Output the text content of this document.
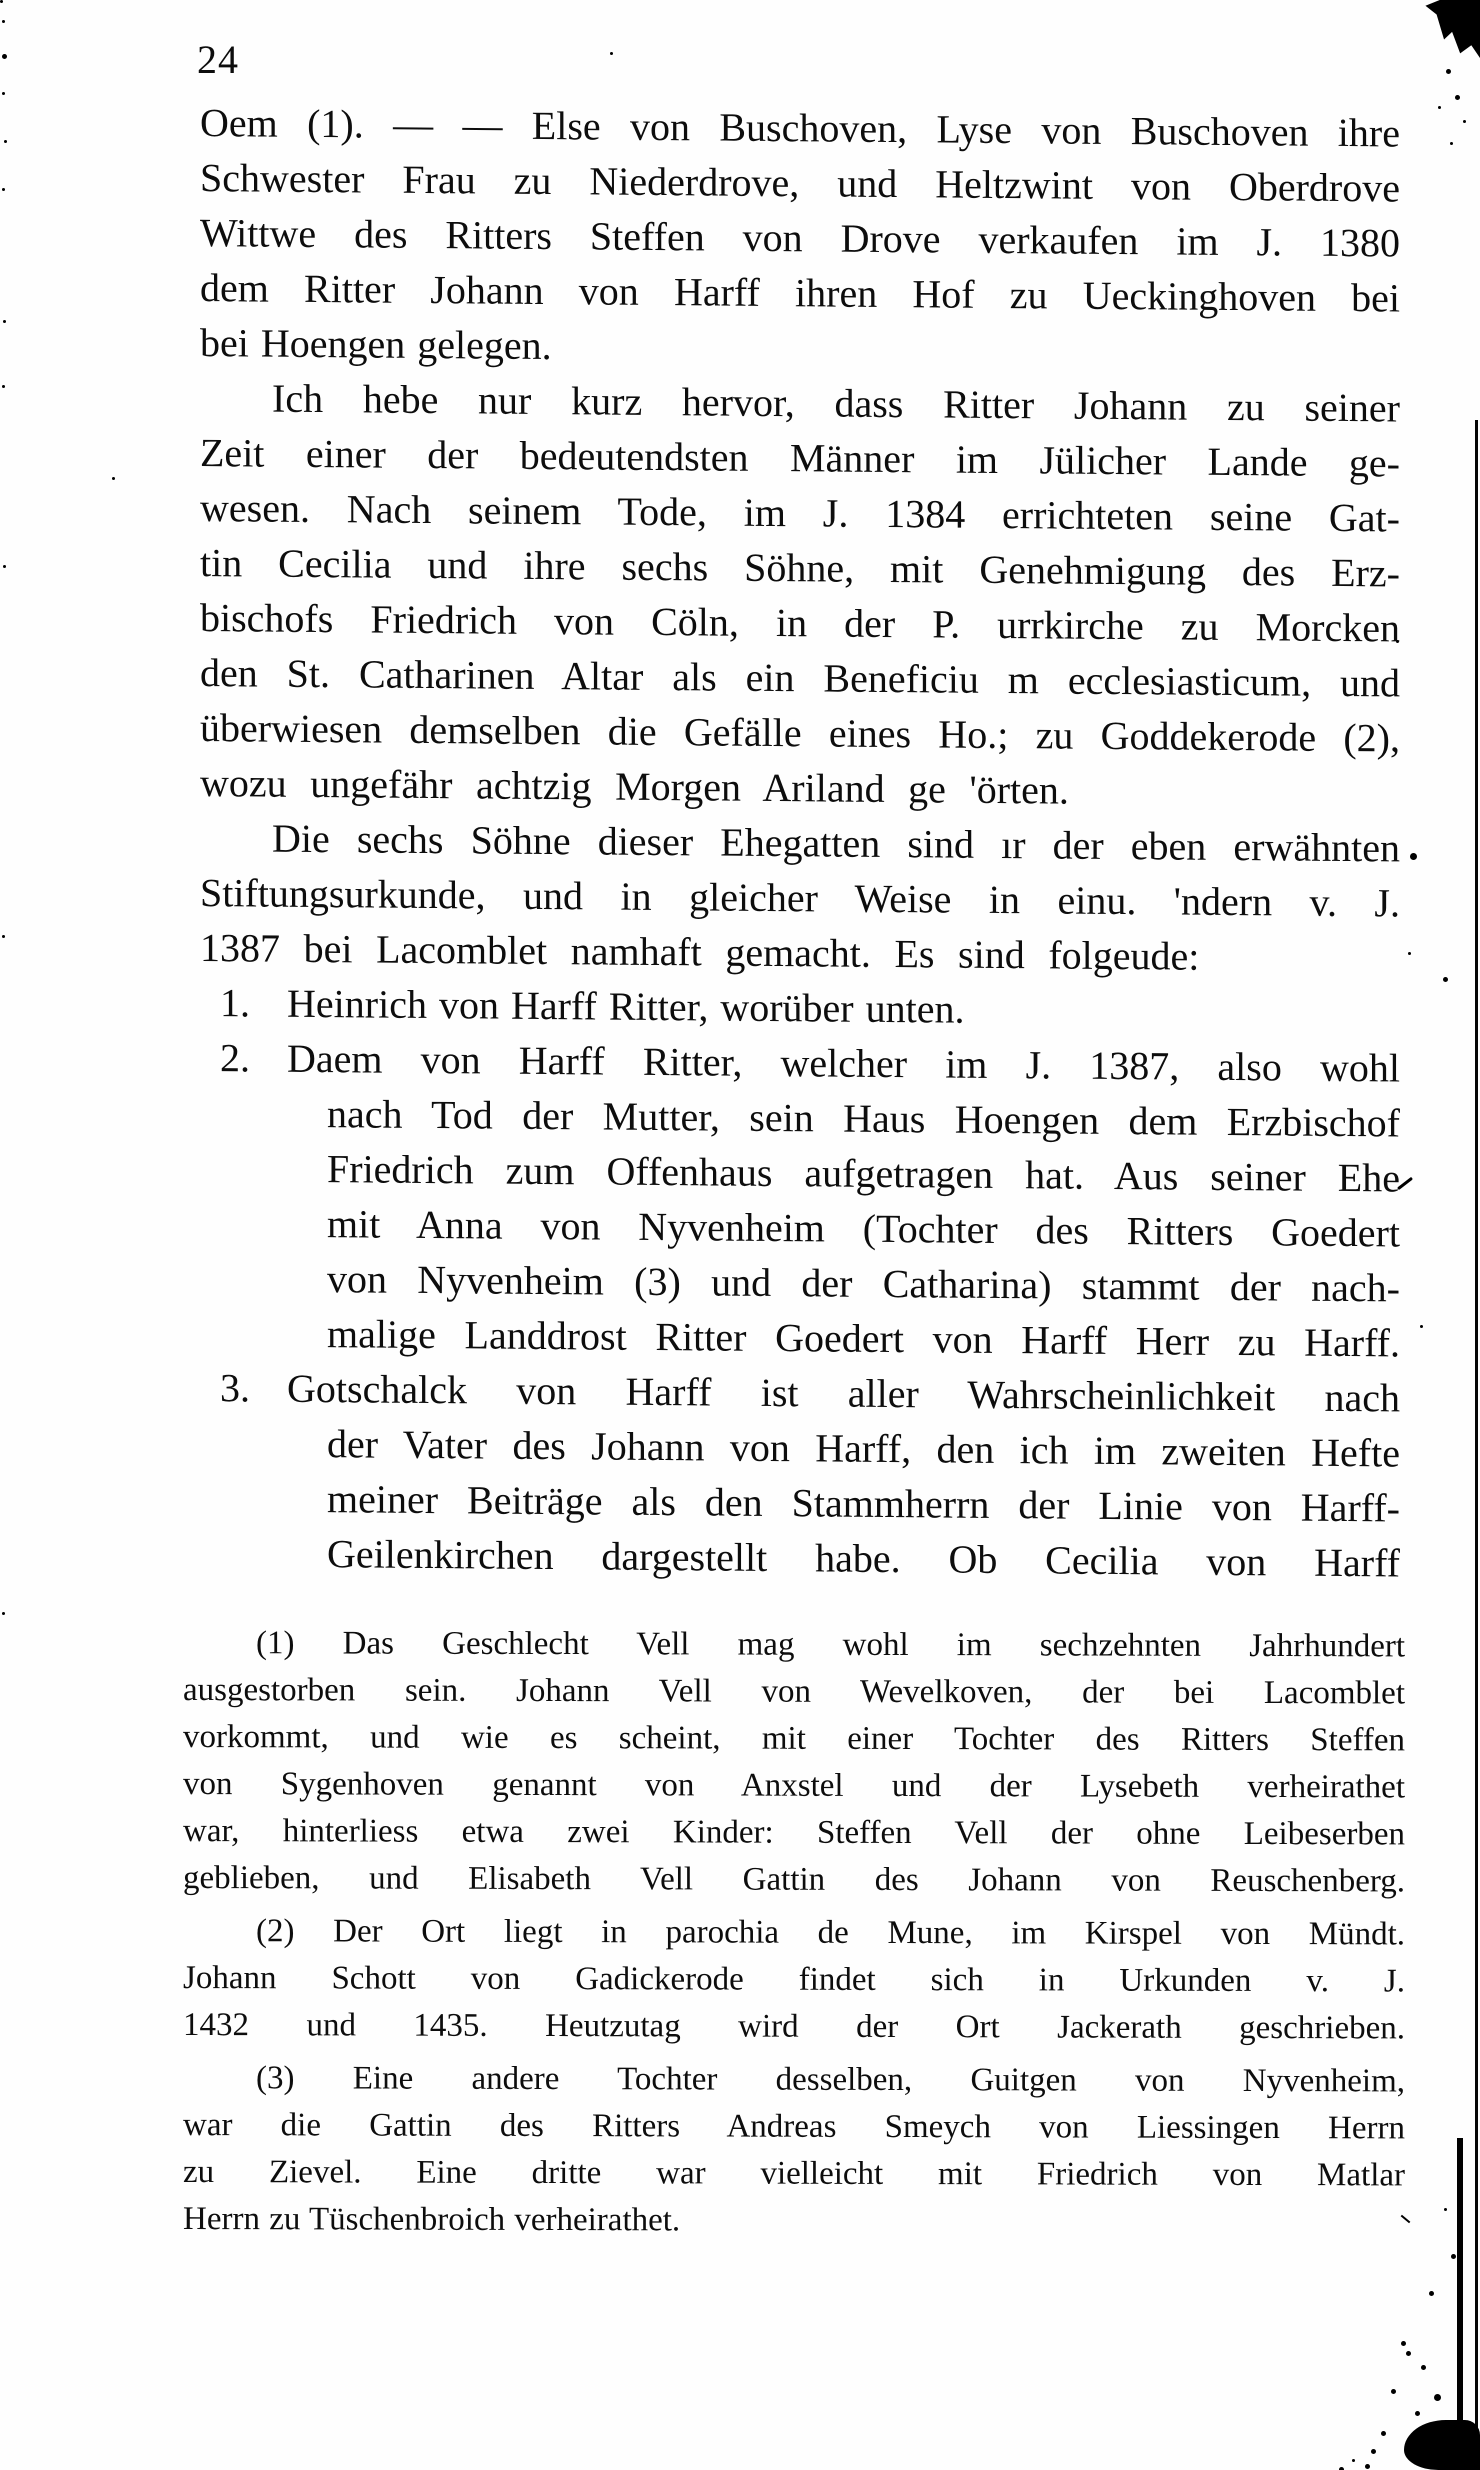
24
Oem (1). — — Else von Buschoven, Lyse von Buschoven ihre
Schwester Frau zu Niederdrove, und Heltzwint von Oberdrove
Wittwe des Ritters Steffen von Drove verkaufen im J. 1380
dem Ritter Johann von Harff ihren Hof zu Ueckinghoven bei
bei Hoengen gelegen.
Ich hebe nur kurz hervor, dass Ritter Johann zu seiner
Zeit einer der bedeutendsten Männer im Jülicher Lande ge-
wesen. Nach seinem Tode, im J. 1384 errichteten seine Gat-
tin Cecilia und ihre sechs Söhne, mit Genehmigung des Erz-
bischofs Friedrich von Cöln, in der P. urrkirche zu Morcken
den St. Catharinen Altar als ein Beneficiu m ecclesiasticum, und
überwiesen demselben die Gefälle eines Ho.; zu Goddekerode (2),
wozu ungefähr achtzig Morgen Ariland ge 'örten.
Die sechs Söhne dieser Ehegatten sind ır der eben erwähnten
Stiftungsurkunde, und in gleicher Weise in einu. 'ndern v. J.
1387 bei Lacomblet namhaft gemacht. Es sind folgeude:
1. Heinrich von Harff Ritter, worüber unten.
2. Daem von Harff Ritter, welcher im J. 1387, also wohl
nach Tod der Mutter, sein Haus Hoengen dem Erzbischof
Friedrich zum Offenhaus aufgetragen hat. Aus seiner Ehe
mit Anna von Nyvenheim (Tochter des Ritters Goedert
von Nyvenheim (3) und der Catharina) stammt der nach-
malige Landdrost Ritter Goedert von Harff Herr zu Harff.
3. Gotschalck von Harff ist aller Wahrscheinlichkeit nach
der Vater des Johann von Harff, den ich im zweiten Hefte
meiner Beiträge als den Stammherrn der Linie von Harff-
Geilenkirchen dargestellt habe. Ob Cecilia von Harff
(1) Das Geschlecht Vell mag wohl im sechzehnten Jahrhundert
ausgestorben sein. Johann Vell von Wevelkoven, der bei Lacomblet
vorkommt, und wie es scheint, mit einer Tochter des Ritters Steffen
von Sygenhoven genannt von Anxstel und der Lysebeth verheirathet
war, hinterliess etwa zwei Kinder: Steffen Vell der ohne Leibeserben
geblieben, und Elisabeth Vell Gattin des Johann von Reuschenberg.
(2) Der Ort liegt in parochia de Mune, im Kirspel von Mündt.
Johann Schott von Gadickerode findet sich in Urkunden v. J.
1432 und 1435. Heutzutag wird der Ort Jackerath geschrieben.
(3) Eine andere Tochter desselben, Guitgen von Nyvenheim,
war die Gattin des Ritters Andreas Smeych von Liessingen Herrn
zu Zievel. Eine dritte war vielleicht mit Friedrich von Matlar
Herrn zu Tüschenbroich verheirathet.
